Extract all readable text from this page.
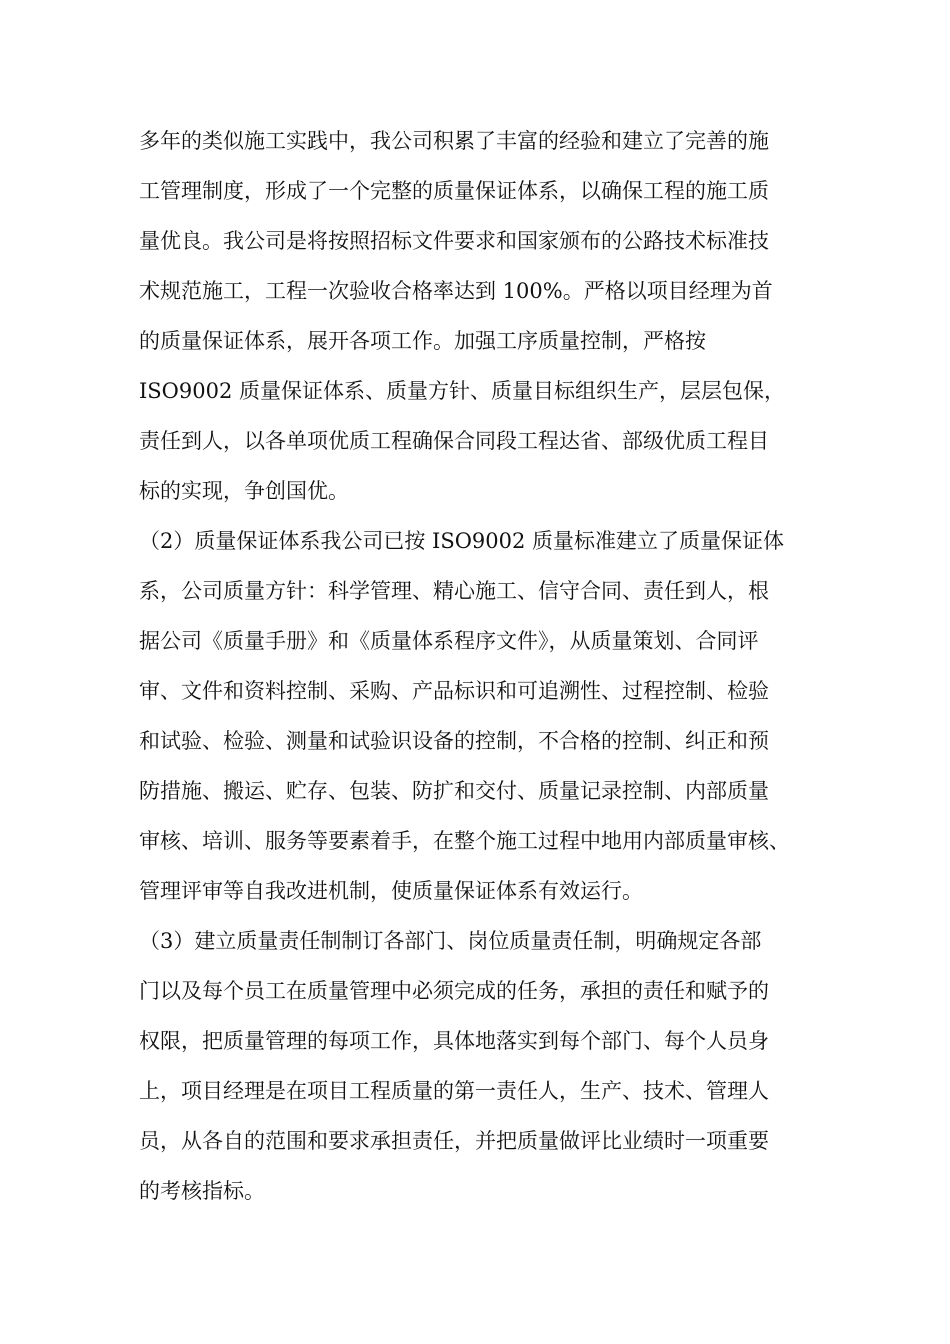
多年的类似施工实践中，我公司积累了丰富的经验和建立了完善的施
工管理制度，形成了一个完整的质量保证体系，以确保工程的施工质
量优良。我公司是将按照招标文件要求和国家颁布的公路技术标准技
术规范施工，工程一次验收合格率达到 100%。严格以项目经理为首
的质量保证体系，展开各项工作。加强工序质量控制，严格按
ISO9002 质量保证体系、质量方针、质量目标组织生产，层层包保，
责任到人，以各单项优质工程确保合同段工程达省、部级优质工程目
标的实现，争创国优。
（2）质量保证体系我公司已按 ISO9002 质量标准建立了质量保证体
系，公司质量方针：科学管理、精心施工、信守合同、责任到人，根
据公司《质量手册》和《质量体系程序文件》，从质量策划、合同评
审、文件和资料控制、采购、产品标识和可追溯性、过程控制、检验
和试验、检验、测量和试验识设备的控制，不合格的控制、纠正和预
防措施、搬运、贮存、包装、防扩和交付、质量记录控制、内部质量
审核、培训、服务等要素着手，在整个施工过程中地用内部质量审核、
管理评审等自我改进机制，使质量保证体系有效运行。
（3）建立质量责任制制订各部门、岗位质量责任制，明确规定各部
门以及每个员工在质量管理中必须完成的任务，承担的责任和赋予的
权限，把质量管理的每项工作，具体地落实到每个部门、每个人员身
上，项目经理是在项目工程质量的第一责任人，生产、技术、管理人
员，从各自的范围和要求承担责任，并把质量做评比业绩时一项重要
的考核指标。
